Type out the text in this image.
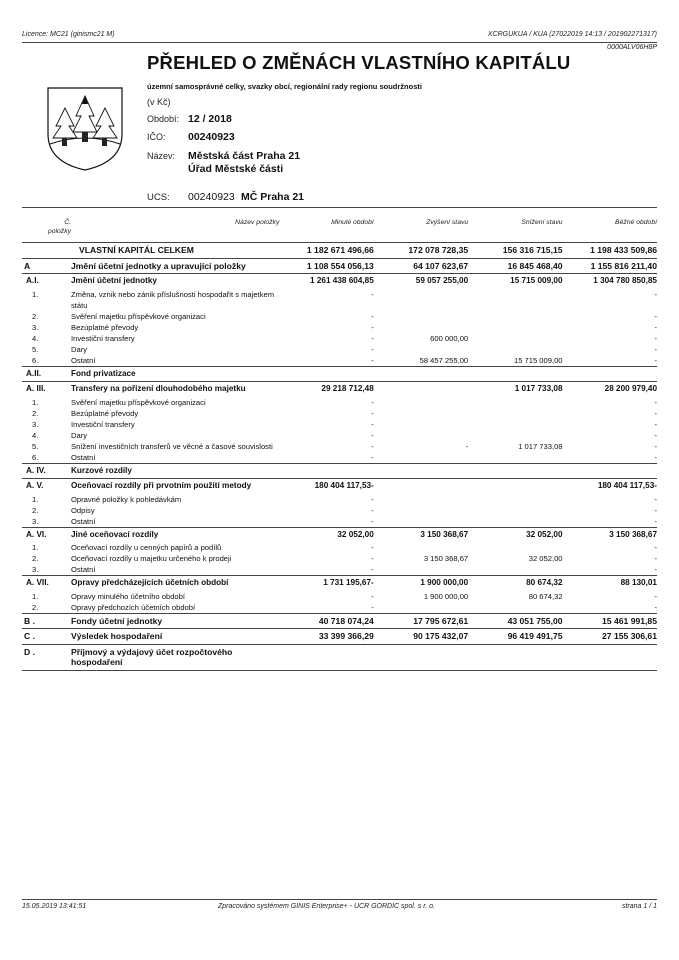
Licence: MC21 (ginismc21 M)	XCRGUKUA / KUA (27022019 14:13 / 201902271317)
0000ALV06H8P
PŘEHLED O ZMĚNÁCH VLASTNÍHO KAPITÁLU
územní samosprávné celky, svazky obcí, regionální rady regionu soudržnosti
(v Kč)
Období: 12 / 2018
IČO: 00240923
Název: Městská část Praha 21
Úřad Městské části
UCS: 00240923 MČ Praha 21
Č.
položky	Název položky	Minulé období	Zvýšení stavu	Snížení stavu	Běžné období
	VLASTNÍ KAPITÁL CELKEM	1 182 671 496,66	172 078 728,35	156 316 715,15	1 198 433 509,86
A	Jmění účetní jednotky a upravující položky	1 108 554 056,13	64 107 623,67	16 845 468,40	1 155 816 211,40
A.I.	Jmění účetní jednotky	1 261 438 604,85	59 057 255,00	15 715 009,00	1 304 780 850,85
1.	Změna, vznik nebo zánik příslušnosti hospodařit s majetkem státu	-			-
2.	Svěření majetku příspěvkové organizaci	-			-
3.	Bezúplatné převody	-			-
4.	Investiční transfery	-	600 000,00		-
5.	Dary	-			-
6.	Ostatní	-	58 457 255,00	15 715 009,00	-
A.II.	Fond privatizace				
A. III.	Transfery na pořízení dlouhodobého majetku	29 218 712,48		1 017 733,08	28 200 979,40
1.	Svěření majetku příspěvkové organizaci	-			-
2.	Bezúplatné převody	-			-
3.	Investiční transfery	-			-
4.	Dary	-			-
5.	Snížení investičních transferů ve věcné a časové souvislosti	-	-	1 017 733,08	-
6.	Ostatní	-			-
A. IV.	Kurzové rozdíly				
A. V.	Oceňovací rozdíly při prvotním použití metody	180 404 117,53-			180 404 117,53-
1.	Opravné položky k pohledávkám	-			-
2.	Odpisy	-			-
3.	Ostatní	-			-
A. VI.	Jiné oceňovací rozdíly	32 052,00	3 150 368,67	32 052,00	3 150 368,67
1.	Oceňovací rozdíly u cenných papírů a podílů	-			-
2.	Oceňovací rozdíly u majetku určeného k prodeji	-	3 150 368,67	32 052,00	-
3.	Ostatní	-			-
A. VII.	Opravy předcházejících účetních období	1 731 195,67-	1 900 000,00	80 674,32	88 130,01
1.	Opravy minulého účetního období	-	1 900 000,00	80 674,32	-
2.	Opravy předchozích účetních období	-			-
B .	Fondy účetní jednotky	40 718 074,24	17 795 672,61	43 051 755,00	15 461 991,85
C .	Výsledek hospodaření	33 399 366,29	90 175 432,07	96 419 491,75	27 155 306,61
D .	Příjmový a výdajový účet rozpočtového hospodaření				

15.05.2019 13:41:51	Zpracováno systémem GINIS Enterprise+ - UCR GORDIC spol. s r. o.	strana 1 / 1
